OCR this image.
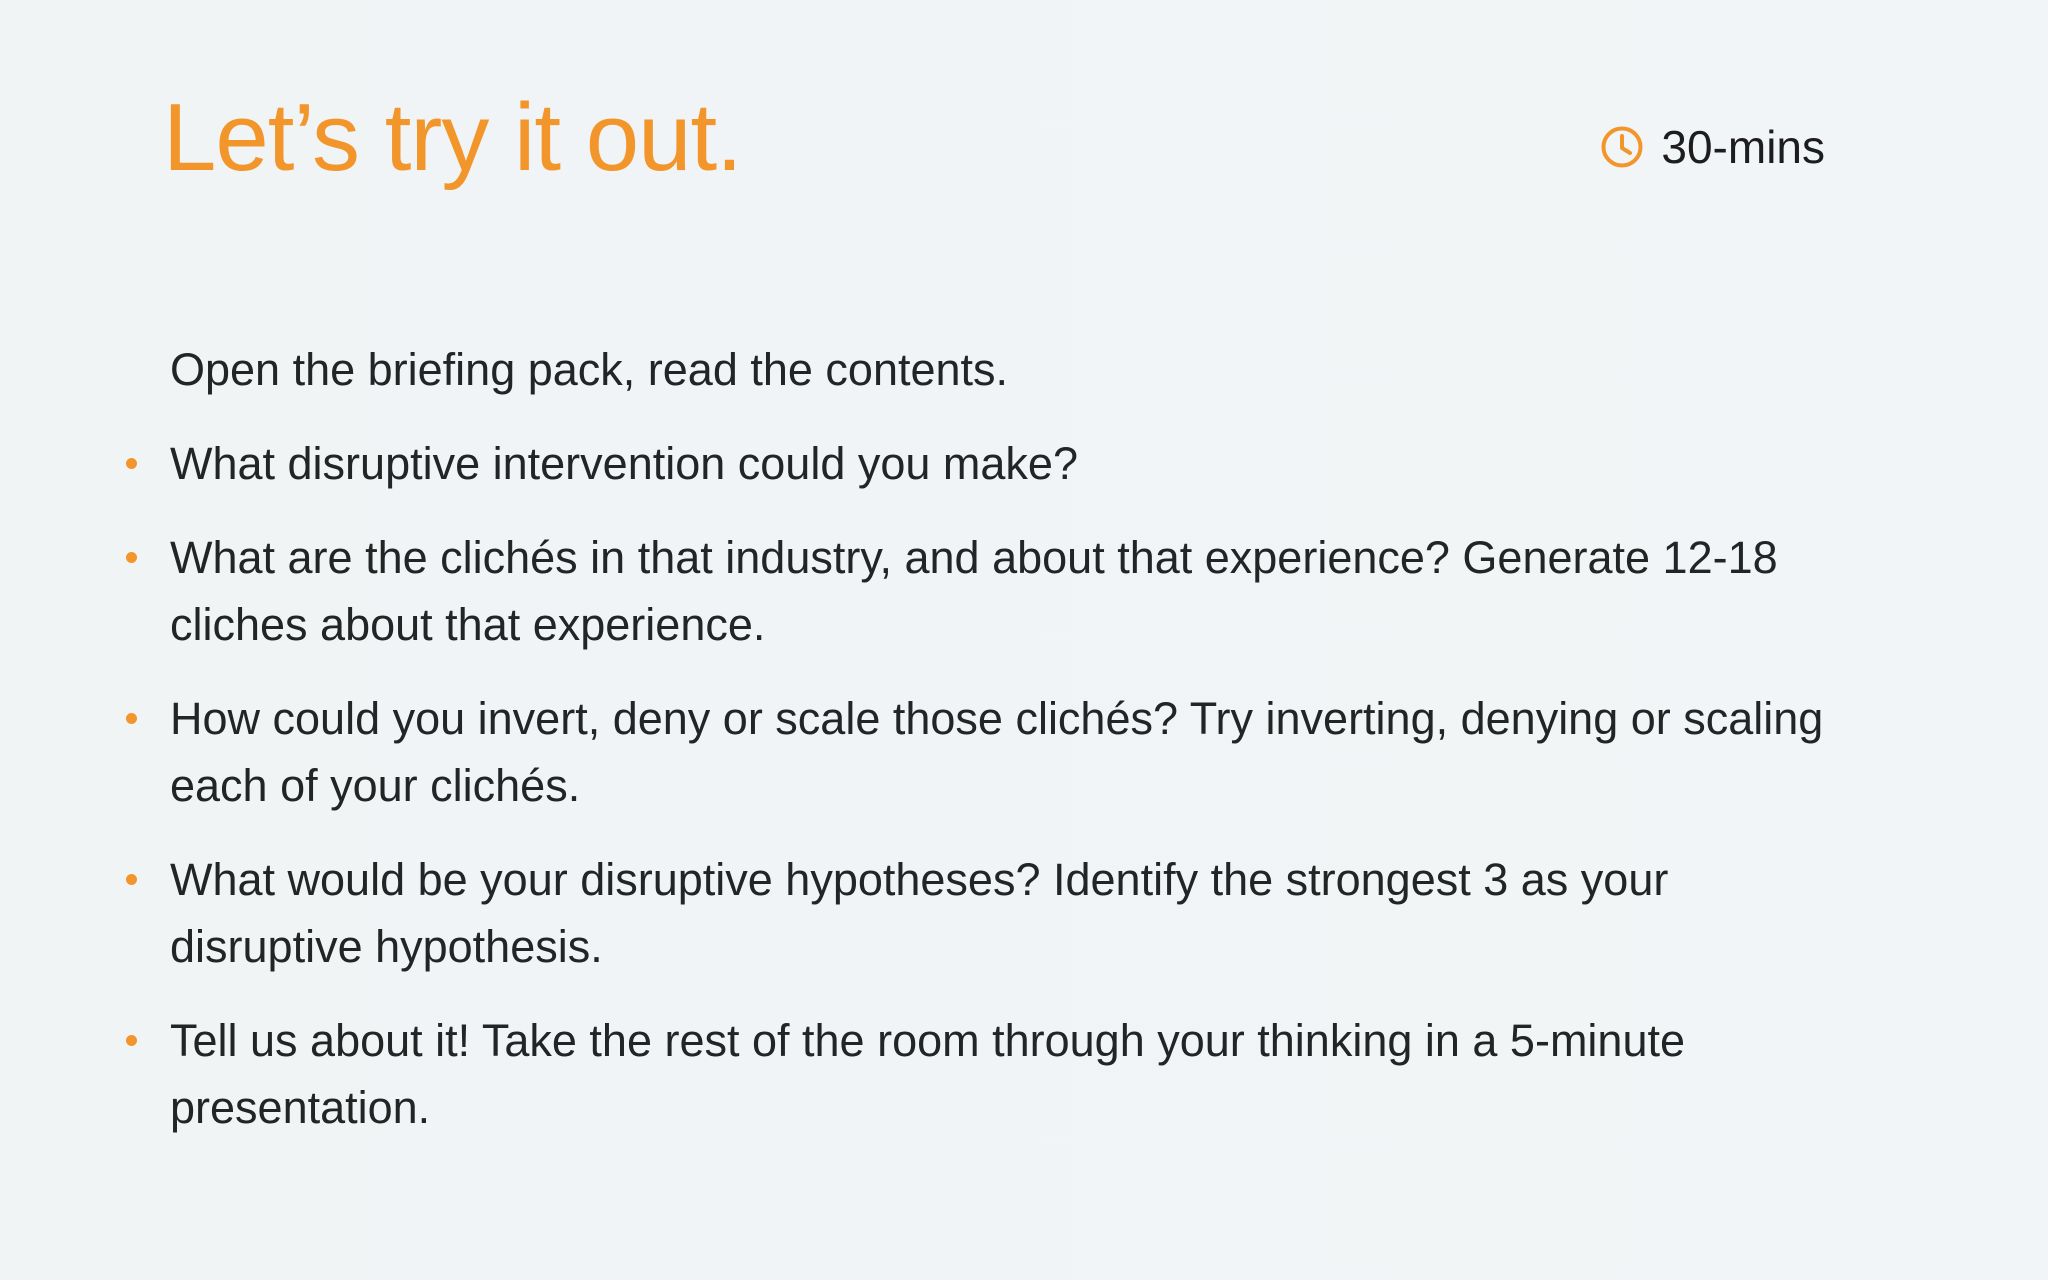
Let’s try it out.	30-mins

Open the briefing pack, read the contents.

What disruptive intervention could you make?
What are the clichés in that industry, and about that experience? Generate 12-18 cliches about that experience.
How could you invert, deny or scale those clichés? Try inverting, denying or scaling each of your clichés.
What would be your disruptive hypotheses? Identify the strongest 3 as your disruptive hypothesis.
Tell us about it! Take the rest of the room through your thinking in a 5-minute presentation.
